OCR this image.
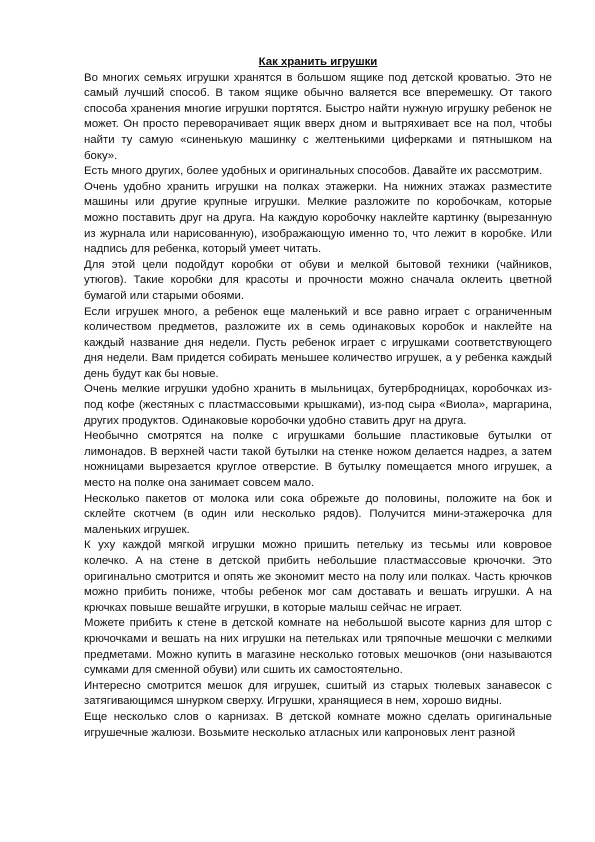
Как хранить игрушки

Во многих семьях игрушки хранятся в большом ящике под детской кроватью. Это не самый лучший способ. В таком ящике обычно валяется все вперемешку. От такого способа хранения многие игрушки портятся. Быстро найти нужную игрушку ребенок не может. Он просто переворачивает ящик вверх дном и вытряхивает все на пол, чтобы найти ту самую «синенькую машинку с желтенькими циферками и пятнышком на боку».

Есть много других, более удобных и оригинальных способов. Давайте их рассмотрим.

Очень удобно хранить игрушки на полках этажерки. На нижних этажах разместите машины или другие крупные игрушки. Мелкие разложите по коробочкам, которые можно поставить друг на друга. На каждую коробочку наклейте картинку (вырезанную из журнала или нарисованную), изображающую именно то, что лежит в коробке. Или надпись для ребенка, который умеет читать.

Для этой цели подойдут коробки от обуви и мелкой бытовой техники (чайников, утюгов). Такие коробки для красоты и прочности можно сначала оклеить цветной бумагой или старыми обоями.

Если игрушек много, а ребенок еще маленький и все равно играет с ограниченным количеством предметов, разложите их в семь одинаковых коробок и наклейте на каждый название дня недели. Пусть ребенок играет с игрушками соответствующего дня недели. Вам придется собирать меньшее количество игрушек, а у ребенка каждый день будут как бы новые.

Очень мелкие игрушки удобно хранить в мыльницах, бутербродницах, коробочках из-под кофе (жестяных с пластмассовыми крышками), из-под сыра «Виола», маргарина, других продуктов. Одинаковые коробочки удобно ставить друг на друга.

Необычно смотрятся на полке с игрушками большие пластиковые бутылки от лимонадов. В верхней части такой бутылки на стенке ножом делается надрез, а затем ножницами вырезается круглое отверстие. В бутылку помещается много игрушек, а место на полке она занимает совсем мало.

Несколько пакетов от молока или сока обрежьте до половины, положите на бок и склейте скотчем (в один или несколько рядов). Получится мини-этажерочка для маленьких игрушек.

К уху каждой мягкой игрушки можно пришить петельку из тесьмы или ковровое колечко. А на стене в детской прибить небольшие пластмассовые крючочки. Это оригинально смотрится и опять же экономит место на полу или полках. Часть крючков можно прибить пониже, чтобы ребенок мог сам доставать и вешать игрушки. А на крючках повыше вешайте игрушки, в которые малыш сейчас не играет.

Можете прибить к стене в детской комнате на небольшой высоте карниз для штор с крючочками и вешать на них игрушки на петельках или тряпочные мешочки с мелкими предметами. Можно купить в магазине несколько готовых мешочков (они называются сумками для сменной обуви) или сшить их самостоятельно.

Интересно смотрится мешок для игрушек, сшитый из старых тюлевых занавесок с затягивающимся шнурком сверху. Игрушки, хранящиеся в нем, хорошо видны.

Еще несколько слов о карнизах. В детской комнате можно сделать оригинальные игрушечные жалюзи. Возьмите несколько атласных или капроновых лент разной
